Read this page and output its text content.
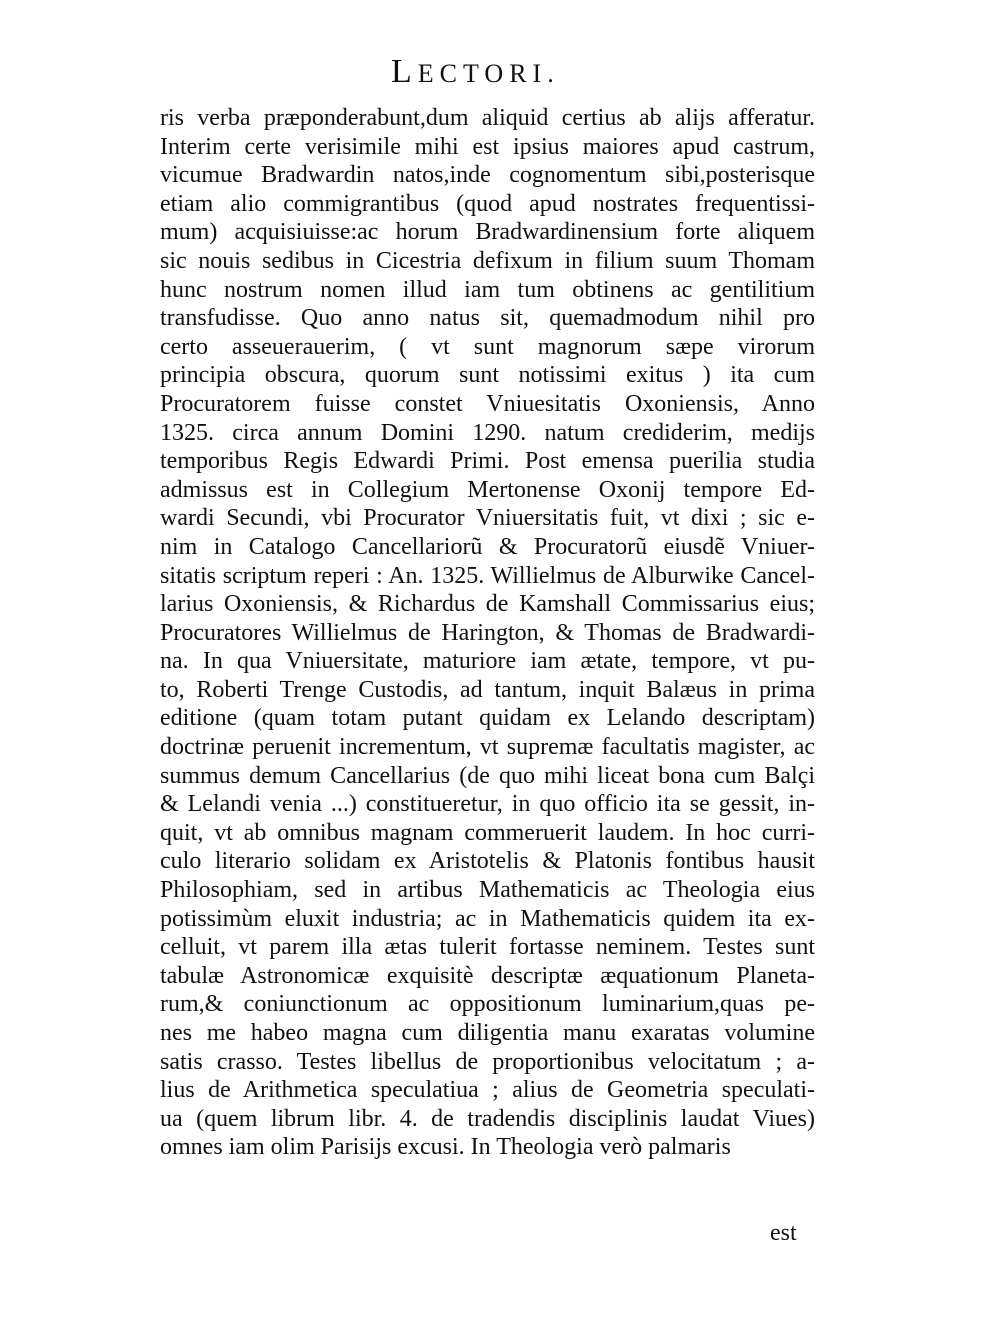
LECTORI.
ris verba præponderabunt,dum aliquid certius ab alijs afferatur.
Interim certe verisimile mihi est ipsius maiores apud castrum,
vicumue Bradwardin natos,inde cognomentum sibi,posterisque
etiam alio commigrantibus (quod apud nostrates frequentissi-
mum) acquisiuisse:ac horum Bradwardinensium forte aliquem
sic nouis sedibus in Cicestria defixum in filium suum Thomam
hunc nostrum nomen illud iam tum obtinens ac gentilitium
transfudisse. Quo anno natus sit, quemadmodum nihil pro
certo asseuerauerim, ( vt sunt magnorum sæpe virorum
principia obscura, quorum sunt notissimi exitus ) ita cum
Procuratorem fuisse constet Vniuesitatis Oxoniensis, Anno
1325. circa annum Domini 1290. natum crediderim, medijs
temporibus Regis Edwardi Primi. Post emensa puerilia studia
admissus est in Collegium Mertonense Oxonij tempore Ed-
wardi Secundi, vbi Procurator Vniuersitatis fuit, vt dixi ; sic e-
nim in Catalogo Cancellariorũ & Procuratorũ eiusdẽ Vniuer-
sitatis scriptum reperi : An. 1325. Willielmus de Alburwike Cancel-
larius Oxoniensis, & Richardus de Kamshall Commissarius eius;
Procuratores Willielmus de Harington, & Thomas de Bradwardi-
na. In qua Vniuersitate, maturiore iam ætate, tempore, vt pu-
to, Roberti Trenge Custodis, ad tantum, inquit Balæus in prima
editione (quam totam putant quidam ex Lelando descriptam)
doctrinæ peruenit incrementum, vt supremæ facultatis magister, ac
summus demum Cancellarius (de quo mihi liceat bona cum Balçi
& Lelandi venia ...) constitueretur, in quo officio ita se gessit, in-
quit, vt ab omnibus magnam commeruerit laudem. In hoc curri-
culo literario solidam ex Aristotelis & Platonis fontibus hausit
Philosophiam, sed in artibus Mathematicis ac Theologia eius
potissimùm eluxit industria; ac in Mathematicis quidem ita ex-
celluit, vt parem illa ætas tulerit fortasse neminem. Testes sunt
tabulæ Astronomicæ exquisitè descriptæ æquationum Planeta-
rum,& coniunctionum ac oppositionum luminarium,quas pe-
nes me habeo magna cum diligentia manu exaratas volumine
satis crasso. Testes libellus de proportionibus velocitatum ; a-
lius de Arithmetica speculatiua ; alius de Geometria speculati-
ua (quem librum libr. 4. de tradendis disciplinis laudat Viues)
omnes iam olim Parisijs excusi. In Theologia verò palmaris
est
